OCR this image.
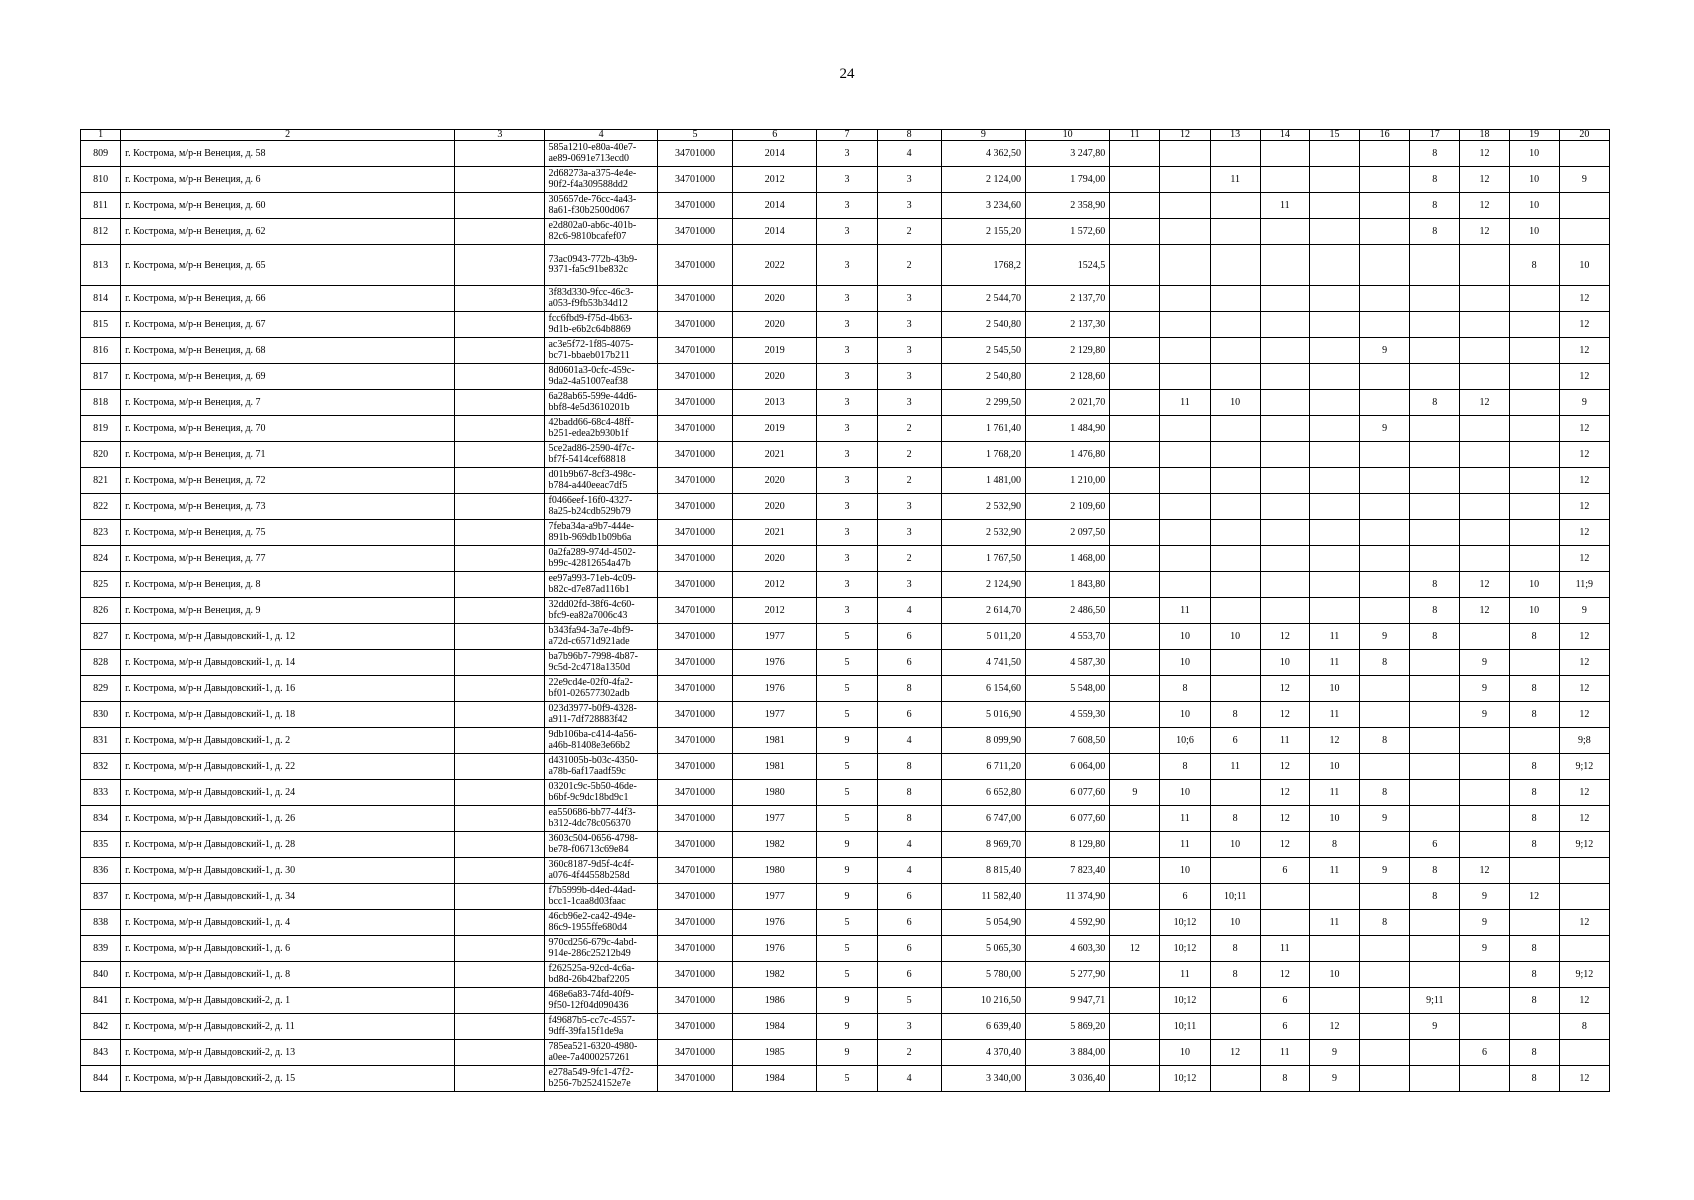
24
1	2	3	4	5	6	7	8	9	10	11	12	13	14	15	16	17	18	19	20
809	г. Кострома, м/р-н Венеция, д. 58		585a1210-e80a-40e7-ae89-0691e713ecd0	34701000	2014	3	4	4 362,50	3 247,80							8	12	10	
810	г. Кострома, м/р-н Венеция, д. 6		2d68273a-a375-4e4e-90f2-f4a309588dd2	34701000	2012	3	3	2 124,00	1 794,00			11				8	12	10	9
811	г. Кострома, м/р-н Венеция, д. 60		305657de-76cc-4a43-8a61-f30b2500d067	34701000	2014	3	3	3 234,60	2 358,90				11			8	12	10	
812	г. Кострома, м/р-н Венеция, д. 62		e2d802a0-ab6c-401b-82c6-9810bcafef07	34701000	2014	3	2	2 155,20	1 572,60							8	12	10	
813	г. Кострома, м/р-н Венеция, д. 65		73ac0943-772b-43b9-9371-fa5c91be832c	34701000	2022	3	2	1768,2	1524,5									8	10
814	г. Кострома, м/р-н Венеция, д. 66		3f83d330-9fcc-46c3-a053-f9fb53b34d12	34701000	2020	3	3	2 544,70	2 137,70										12
815	г. Кострома, м/р-н Венеция, д. 67		fcc6fbd9-f75d-4b63-9d1b-e6b2c64b8869	34701000	2020	3	3	2 540,80	2 137,30										12
816	г. Кострома, м/р-н Венеция, д. 68		ac3e5f72-1f85-4075-bc71-bbaeb017b211	34701000	2019	3	3	2 545,50	2 129,80						9				12
817	г. Кострома, м/р-н Венеция, д. 69		8d0601a3-0cfc-459c-9da2-4a51007eaf38	34701000	2020	3	3	2 540,80	2 128,60										12
818	г. Кострома, м/р-н Венеция, д. 7		6a28ab65-599e-44d6-bbf8-4e5d3610201b	34701000	2013	3	3	2 299,50	2 021,70		11	10				8	12		9
819	г. Кострома, м/р-н Венеция, д. 70		42badd66-68c4-48ff-b251-edea2b930b1f	34701000	2019	3	2	1 761,40	1 484,90						9				12
820	г. Кострома, м/р-н Венеция, д. 71		5ce2ad86-2590-4f7c-bf7f-5414cef68818	34701000	2021	3	2	1 768,20	1 476,80										12
821	г. Кострома, м/р-н Венеция, д. 72		d01b9b67-8cf3-498c-b784-a440eeac7df5	34701000	2020	3	2	1 481,00	1 210,00										12
822	г. Кострома, м/р-н Венеция, д. 73		f0466eef-16f0-4327-8a25-b24cdb529b79	34701000	2020	3	3	2 532,90	2 109,60										12
823	г. Кострома, м/р-н Венеция, д. 75		7feba34a-a9b7-444e-891b-969db1b09b6a	34701000	2021	3	3	2 532,90	2 097,50										12
824	г. Кострома, м/р-н Венеция, д. 77		0a2fa289-974d-4502-b99c-42812654a47b	34701000	2020	3	2	1 767,50	1 468,00										12
825	г. Кострома, м/р-н Венеция, д. 8		ee97a993-71eb-4c09-b82c-d7e87ad116b1	34701000	2012	3	3	2 124,90	1 843,80							8	12	10	11;9
826	г. Кострома, м/р-н Венеция, д. 9		32dd02fd-38f6-4c60-bfc9-ea82a7006c43	34701000	2012	3	4	2 614,70	2 486,50		11					8	12	10	9
827	г. Кострома, м/р-н Давыдовский-1, д. 12		b343fa94-3a7e-4bf9-a72d-c6571d921ade	34701000	1977	5	6	5 011,20	4 553,70		10	10	12	11	9	8		8	12
828	г. Кострома, м/р-н Давыдовский-1, д. 14		ba7b96b7-7998-4b87-9c5d-2c4718a1350d	34701000	1976	5	6	4 741,50	4 587,30		10		10	11	8		9		12
829	г. Кострома, м/р-н Давыдовский-1, д. 16		22e9cd4e-02f0-4fa2-bf01-026577302adb	34701000	1976	5	8	6 154,60	5 548,00		8		12	10			9	8	12
830	г. Кострома, м/р-н Давыдовский-1, д. 18		023d3977-b0f9-4328-a911-7df728883f42	34701000	1977	5	6	5 016,90	4 559,30		10	8	12	11			9	8	12
831	г. Кострома, м/р-н Давыдовский-1, д. 2		9db106ba-c414-4a56-a46b-81408e3e66b2	34701000	1981	9	4	8 099,90	7 608,50		10;6	6	11	12	8				9;8
832	г. Кострома, м/р-н Давыдовский-1, д. 22		d431005b-b03c-4350-a78b-6af17aadf59c	34701000	1981	5	8	6 711,20	6 064,00		8	11	12	10				8	9;12
833	г. Кострома, м/р-н Давыдовский-1, д. 24		03201c9c-5b50-46de-b6bf-9c9dc18bd9c1	34701000	1980	5	8	6 652,80	6 077,60	9	10		12	11	8			8	12
834	г. Кострома, м/р-н Давыдовский-1, д. 26		ea550686-bb77-44f3-b312-4dc78c056370	34701000	1977	5	8	6 747,00	6 077,60		11	8	12	10	9			8	12
835	г. Кострома, м/р-н Давыдовский-1, д. 28		3603c504-0656-4798-be78-f06713c69e84	34701000	1982	9	4	8 969,70	8 129,80		11	10	12	8		6		8	9;12
836	г. Кострома, м/р-н Давыдовский-1, д. 30		360c8187-9d5f-4c4f-a076-4f44558b258d	34701000	1980	9	4	8 815,40	7 823,40		10		6	11	9	8	12		
837	г. Кострома, м/р-н Давыдовский-1, д. 34		f7b5999b-d4ed-44ad-bcc1-1caa8d03faac	34701000	1977	9	6	11 582,40	11 374,90		6	10;11				8	9	12	
838	г. Кострома, м/р-н Давыдовский-1, д. 4		46cb96e2-ca42-494e-86c9-1955ffe680d4	34701000	1976	5	6	5 054,90	4 592,90		10;12	10		11	8		9		12
839	г. Кострома, м/р-н Давыдовский-1, д. 6		970cd256-679c-4abd-914e-286c25212b49	34701000	1976	5	6	5 065,30	4 603,30	12	10;12	8	11				9	8	
840	г. Кострома, м/р-н Давыдовский-1, д. 8		f262525a-92cd-4c6a-bd8d-26b42baf2205	34701000	1982	5	6	5 780,00	5 277,90		11	8	12	10				8	9;12
841	г. Кострома, м/р-н Давыдовский-2, д. 1		468e6a83-74fd-40f9-9f50-12f04d090436	34701000	1986	9	5	10 216,50	9 947,71		10;12		6			9;11		8	12
842	г. Кострома, м/р-н Давыдовский-2, д. 11		f49687b5-cc7c-4557-9dff-39fa15f1de9a	34701000	1984	9	3	6 639,40	5 869,20		10;11		6	12		9			8
843	г. Кострома, м/р-н Давыдовский-2, д. 13		785ea521-6320-4980-a0ee-7a4000257261	34701000	1985	9	2	4 370,40	3 884,00		10	12	11	9			6	8	
844	г. Кострома, м/р-н Давыдовский-2, д. 15		e278a549-9fc1-47f2-b256-7b2524152e7e	34701000	1984	5	4	3 340,00	3 036,40		10;12		8	9				8	12
